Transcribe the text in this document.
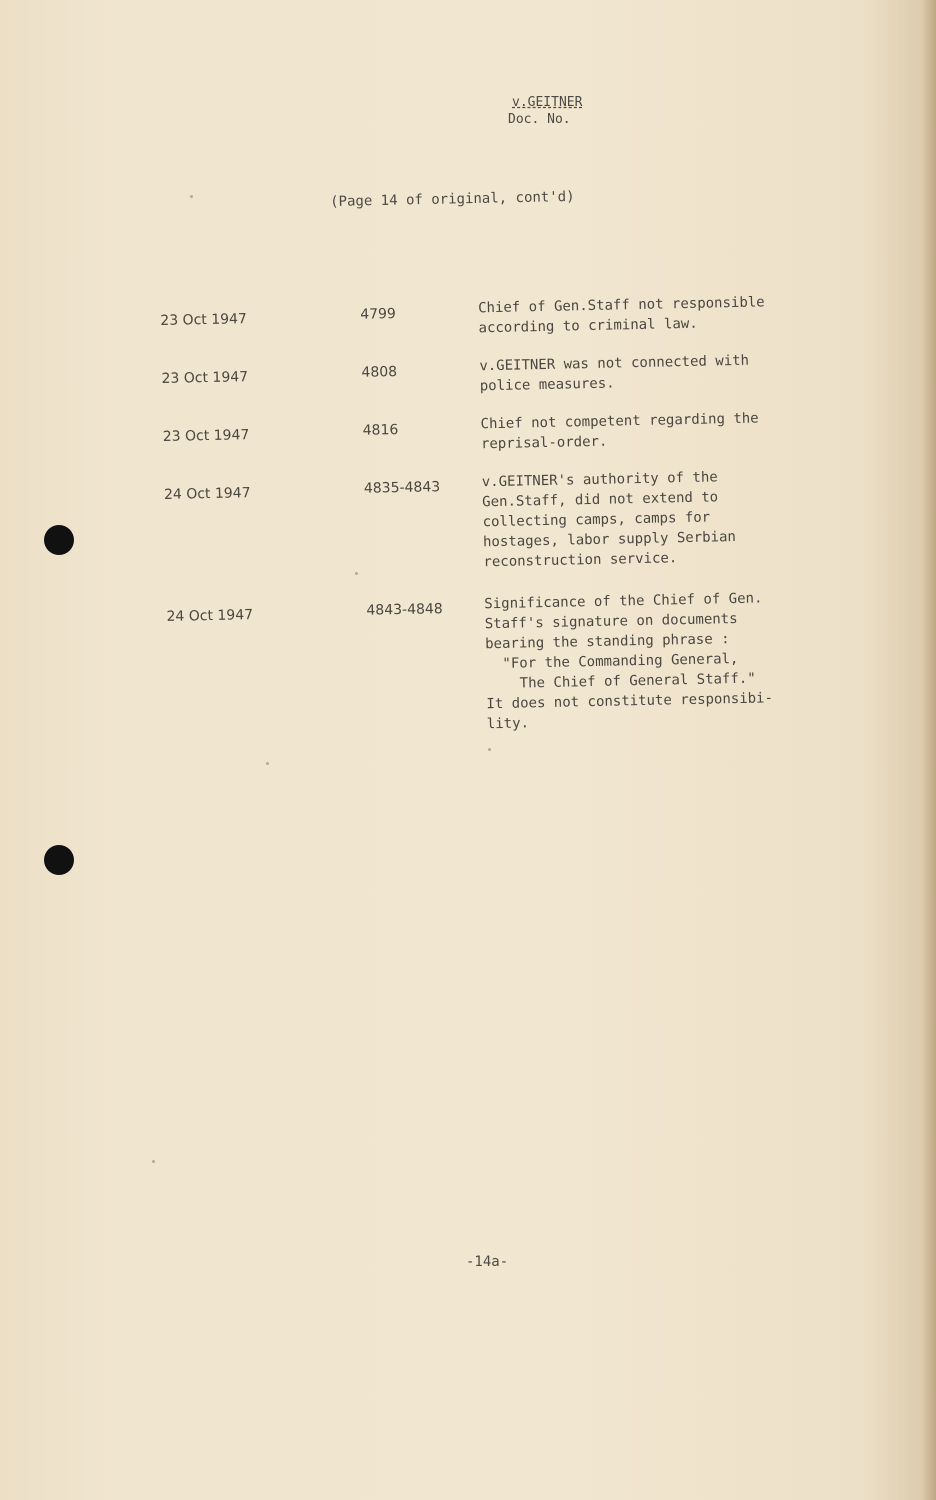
v.GEITNER
Doc. No.
(Page 14 of original, cont'd)
23 Oct 1947	4799	Chief of Gen.Staff not responsible
according to criminal law.
23 Oct 1947	4808	v.GEITNER was not connected with
police measures.
23 Oct 1947	4816	Chief not competent regarding the
reprisal-order.
24 Oct 1947	4835-4843	v.GEITNER's authority of the
Gen.Staff, did not extend to
collecting camps, camps for
hostages, labor supply Serbian
reconstruction service.
24 Oct 1947	4843-4848	Significance of the Chief of Gen.
Staff's signature on documents
bearing the standing phrase :
"For the Commanding General,
The Chief of General Staff."
It does not constitute responsibi-
lity.
-14a-
